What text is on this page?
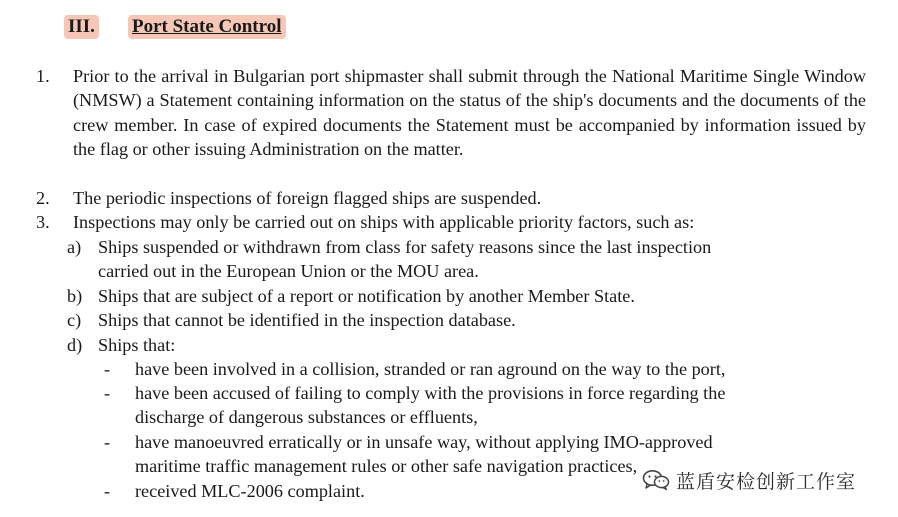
III. Port State Control
1. Prior to the arrival in Bulgarian port shipmaster shall submit through the National Maritime Single Window (NMSW) a Statement containing information on the status of the ship's documents and the documents of the crew member. In case of expired documents the Statement must be accompanied by information issued by the flag or other issuing Administration on the matter.
2. The periodic inspections of foreign flagged ships are suspended.
3. Inspections may only be carried out on ships with applicable priority factors, such as:
a) Ships suspended or withdrawn from class for safety reasons since the last inspection
carried out in the European Union or the MOU area.
b) Ships that are subject of a report or notification by another Member State.
c) Ships that cannot be identified in the inspection database.
d) Ships that:
- have been involved in a collision, stranded or ran aground on the way to the port,
- have been accused of failing to comply with the provisions in force regarding the
discharge of dangerous substances or effluents,
- have manoeuvred erratically or in unsafe way, without applying IMO-approved
maritime traffic management rules or other safe navigation practices,
- received MLC-2006 complaint.	蓝盾安检创新工作室
